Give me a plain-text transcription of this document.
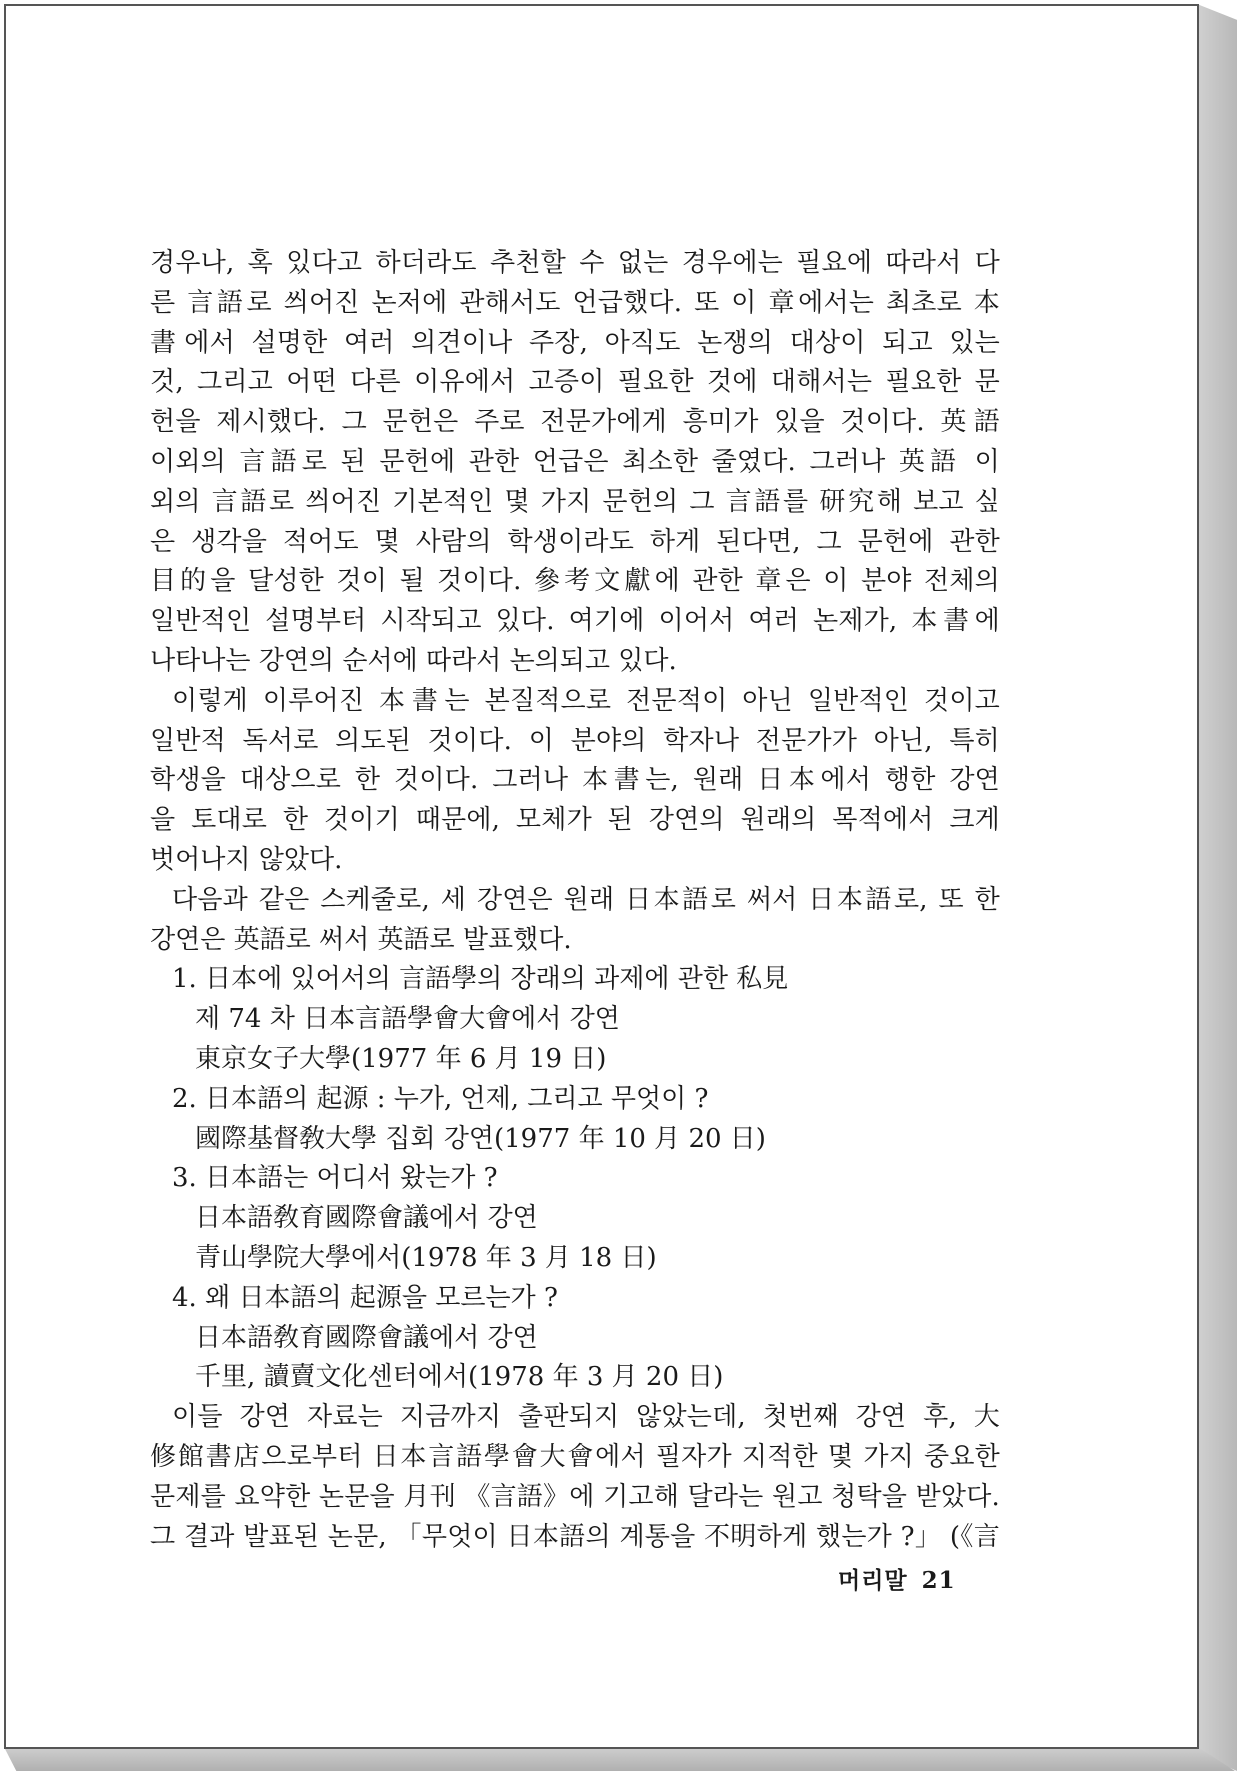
경우나, 혹 있다고 하더라도 추천할 수 없는 경우에는 필요에 따라서 다
른 言語로 씌어진 논저에 관해서도 언급했다. 또 이 章에서는 최초로 本
書에서 설명한 여러 의견이나 주장, 아직도 논쟁의 대상이 되고 있는
것, 그리고 어떤 다른 이유에서 고증이 필요한 것에 대해서는 필요한 문
헌을 제시했다. 그 문헌은 주로 전문가에게 흥미가 있을 것이다. 英語
이외의 言語로 된 문헌에 관한 언급은 최소한 줄였다. 그러나 英語 이
외의 言語로 씌어진 기본적인 몇 가지 문헌의 그 言語를 研究해 보고 싶
은 생각을 적어도 몇 사람의 학생이라도 하게 된다면, 그 문헌에 관한
目的을 달성한 것이 될 것이다. 參考文獻에 관한 章은 이 분야 전체의
일반적인 설명부터 시작되고 있다. 여기에 이어서 여러 논제가, 本書에
나타나는 강연의 순서에 따라서 논의되고 있다.
이렇게 이루어진 本書는 본질적으로 전문적이 아닌 일반적인 것이고
일반적 독서로 의도된 것이다. 이 분야의 학자나 전문가가 아닌, 특히
학생을 대상으로 한 것이다. 그러나 本書는, 원래 日本에서 행한 강연
을 토대로 한 것이기 때문에, 모체가 된 강연의 원래의 목적에서 크게
벗어나지 않았다.
다음과 같은 스케줄로, 세 강연은 원래 日本語로 써서 日本語로, 또 한
강연은 英語로 써서 英語로 발표했다.
1. 日本에 있어서의 言語學의 장래의 과제에 관한 私見
제 74 차 日本言語學會大會에서 강연
東京女子大學(1977 年 6 月 19 日)
2. 日本語의 起源 : 누가, 언제, 그리고 무엇이 ?
國際基督敎大學 집회 강연(1977 年 10 月 20 日)
3. 日本語는 어디서 왔는가 ?
日本語敎育國際會議에서 강연
青山學院大學에서(1978 年 3 月 18 日)
4. 왜 日本語의 起源을 모르는가 ?
日本語敎育國際會議에서 강연
千里, 讀賣文化센터에서(1978 年 3 月 20 日)
이들 강연 자료는 지금까지 출판되지 않았는데, 첫번째 강연 후, 大
修館書店으로부터 日本言語學會大會에서 필자가 지적한 몇 가지 중요한
문제를 요약한 논문을 月刊 《言語》에 기고해 달라는 원고 청탁을 받았다.
그 결과 발표된 논문, 「무엇이 日本語의 계통을 不明하게 했는가 ?」 (《言
머리말 21
